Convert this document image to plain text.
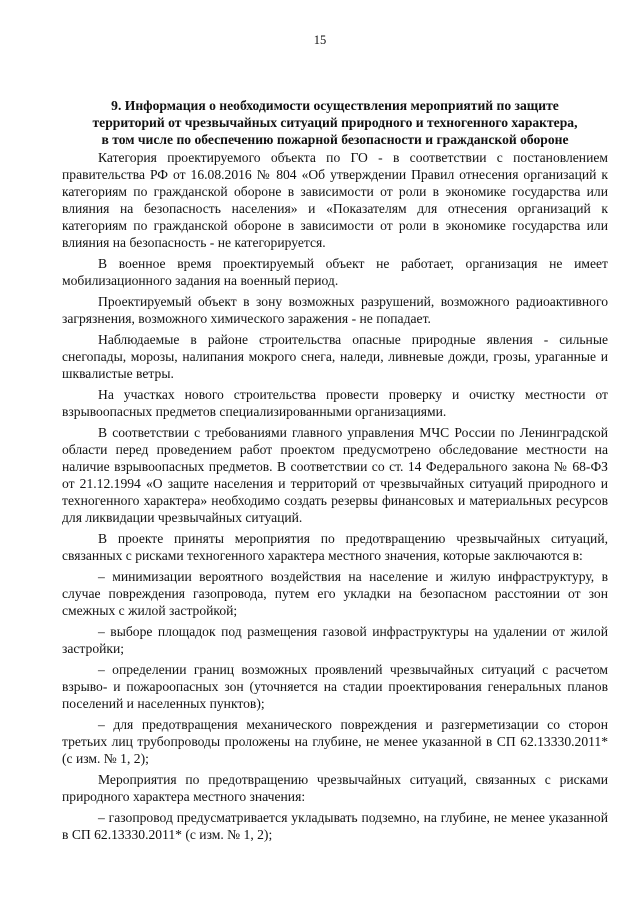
15
9. Информация о необходимости осуществления мероприятий по защите
территорий от чрезвычайных ситуаций природного и техногенного характера,
в том числе по обеспечению пожарной безопасности и гражданской обороне

Категория проектируемого объекта по ГО - в соответствии с постановлением правительства РФ от 16.08.2016 № 804 «Об утверждении Правил отнесения организаций к категориям по гражданской обороне в зависимости от роли в экономике государства или влияния на безопасность населения» и «Показателям для отнесения организаций к категориям по гражданской обороне в зависимости от роли в экономике государства или влияния на безопасность - не категорируется.

В военное время проектируемый объект не работает, организация не имеет мобилизационного задания на военный период.

Проектируемый объект в зону возможных разрушений, возможного радиоактивного загрязнения, возможного химического заражения - не попадает.

Наблюдаемые в районе строительства опасные природные явления - сильные снегопады, морозы, налипания мокрого снега, наледи, ливневые дожди, грозы, ураганные и шквалистые ветры.

На участках нового строительства провести проверку и очистку местности от взрывоопасных предметов специализированными организациями.

В соответствии с требованиями главного управления МЧС России по Ленинградской области перед проведением работ проектом предусмотрено обследование местности на наличие взрывоопасных предметов. В соответствии со ст. 14 Федерального закона № 68-ФЗ от 21.12.1994 «О защите населения и территорий от чрезвычайных ситуаций природного и техногенного характера» необходимо создать резервы финансовых и материальных ресурсов для ликвидации чрезвычайных ситуаций.

В проекте приняты мероприятия по предотвращению чрезвычайных ситуаций, связанных с рисками техногенного характера местного значения, которые заключаются в:

– минимизации вероятного воздействия на население и жилую инфраструктуру, в случае повреждения газопровода, путем его укладки на безопасном расстоянии от зон смежных с жилой застройкой;

– выборе площадок под размещения газовой инфраструктуры на удалении от жилой застройки;

– определении границ возможных проявлений чрезвычайных ситуаций с расчетом взрыво- и пожароопасных зон (уточняется на стадии проектирования генеральных планов поселений и населенных пунктов);

– для предотвращения механического повреждения и разгерметизации со сторон третьих лиц трубопроводы проложены на глубине, не менее указанной в СП 62.13330.2011* (с изм. № 1, 2);

Мероприятия по предотвращению чрезвычайных ситуаций, связанных с рисками природного характера местного значения:

– газопровод предусматривается укладывать подземно, на глубине, не менее указанной в СП 62.13330.2011* (с изм. № 1, 2);
